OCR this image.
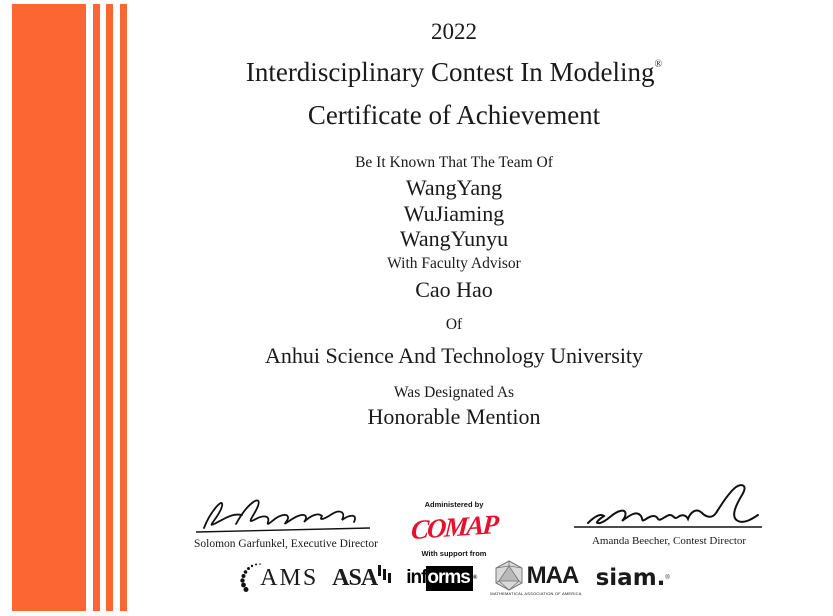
2022
Interdisciplinary Contest In Modeling®
Certificate of Achievement
Be It Known That The Team Of
WangYang
WuJiaming
WangYunyu
With Faculty Advisor
Cao Hao
Of
Anhui Science And Technology University
Was Designated As
Honorable Mention
Solomon Garfunkel, Executive Director
Administered by
COMAP
With support from
Amanda Beecher, Contest Director
AMS ASA inf orms ® MAA
MATHEMATICAL ASSOCIATION OF AMERICA
siam. ®
